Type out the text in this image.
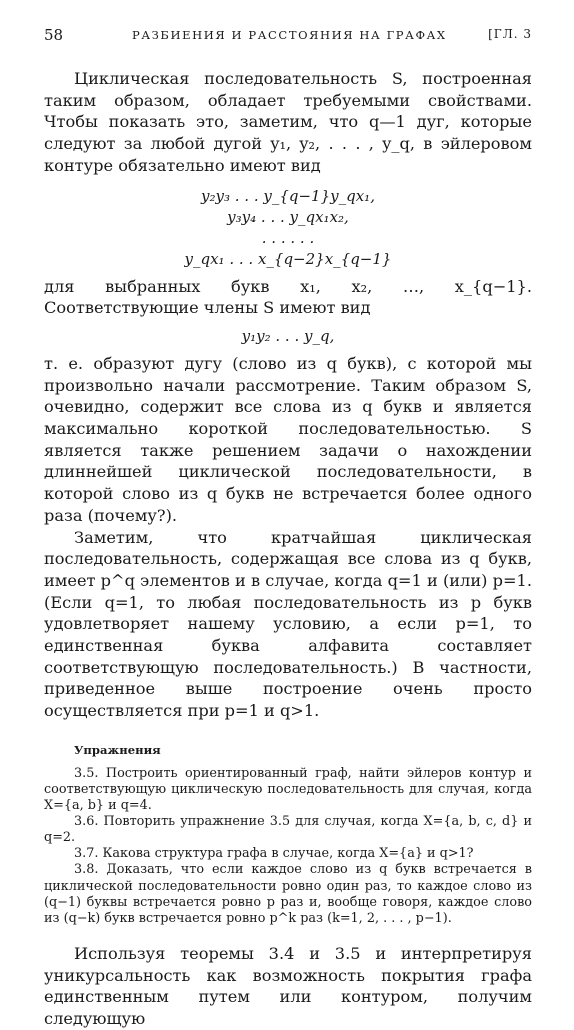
58	РАЗБИЕНИЯ И РАССТОЯНИЯ НА ГРАФАХ	[ГЛ. 3

Циклическая последовательность S, построенная таким образом, обладает требуемыми свойствами. Чтобы показать это, заметим, что q—1 дуг, которые следуют за любой дугой y₁, y₂, . . . , y_q, в эйлеровом контуре обязательно имеют вид

y₂y₃ . . . y_{q−1}y_qx₁,

y₃y₄ . . . y_qx₁x₂,

. . . . . .

y_qx₁ . . . x_{q−2}x_{q−1}

для выбранных букв x₁, x₂, …, x_{q−1}. Соответствующие члены S имеют вид

y₁y₂ . . . y_q,

т. е. образуют дугу (слово из q букв), с которой мы произвольно начали рассмотрение. Таким образом S, очевидно, содержит все слова из q букв и является максимально короткой последовательностью. S является также решением задачи о нахождении длиннейшей циклической последовательности, в которой слово из q букв не встречается более одного раза (почему?).

Заметим, что кратчайшая циклическая последовательность, содержащая все слова из q букв, имеет p^q элементов и в случае, когда q=1 и (или) p=1. (Если q=1, то любая последовательность из p букв удовлетворяет нашему условию, а если p=1, то единственная буква алфавита составляет соответствующую последовательность.) В частности, приведенное выше построение очень просто осуществляется при p=1 и q>1.

Упражнения

3.5. Построить ориентированный граф, найти эйлеров контур и соответствующую циклическую последовательность для случая, когда X={a, b} и q=4.

3.6. Повторить упражнение 3.5 для случая, когда X={a, b, c, d} и q=2.

3.7. Какова структура графа в случае, когда X={a} и q>1?

3.8. Доказать, что если каждое слово из q букв встречается в циклической последовательности ровно один раз, то каждое слово из (q−1) буквы встречается ровно p раз и, вообще говоря, каждое слово из (q−k) букв встречается ровно p^k раз (k=1, 2, . . . , p−1).

Используя теоремы 3.4 и 3.5 и интерпретируя уникурсальность как возможность покрытия графа единственным путем или контуром, получим следующую
